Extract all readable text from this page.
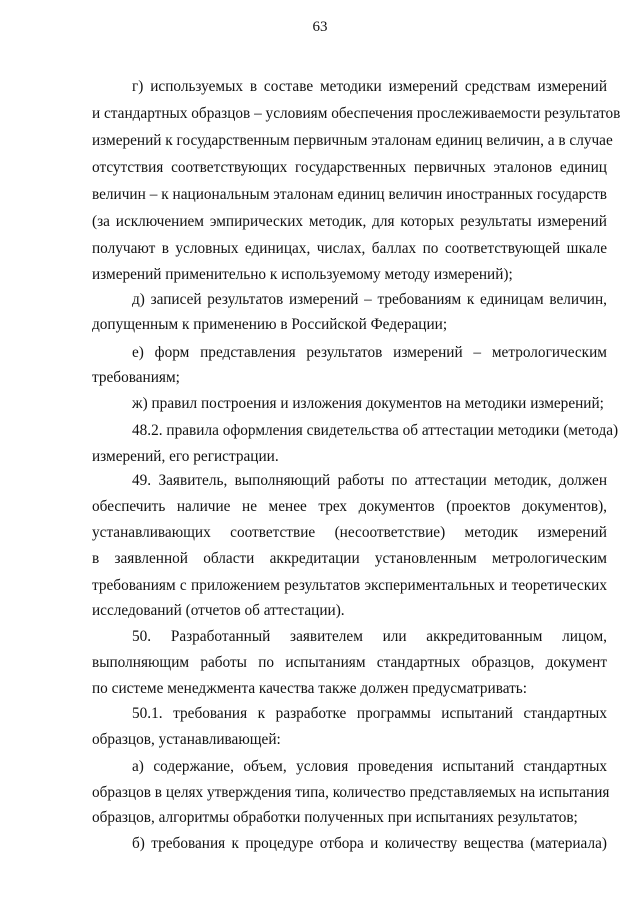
63
г) используемых в составе методики измерений средствам измерений
и стандартных образцов – условиям обеспечения прослеживаемости результатов
измерений к государственным первичным эталонам единиц величин, а в случае
отсутствия соответствующих государственных первичных эталонов единиц
величин – к национальным эталонам единиц величин иностранных государств
(за исключением эмпирических методик, для которых результаты измерений
получают в условных единицах, числах, баллах по соответствующей шкале
измерений применительно к используемому методу измерений);
д) записей результатов измерений – требованиям к единицам величин,
допущенным к применению в Российской Федерации;
е) форм представления результатов измерений – метрологическим
требованиям;
ж) правил построения и изложения документов на методики измерений;
48.2. правила оформления свидетельства об аттестации методики (метода)
измерений, его регистрации.
49. Заявитель, выполняющий работы по аттестации методик, должен
обеспечить наличие не менее трех документов (проектов документов),
устанавливающих соответствие (несоответствие) методик измерений
в заявленной области аккредитации установленным метрологическим
требованиям с приложением результатов экспериментальных и теоретических
исследований (отчетов об аттестации).
50. Разработанный заявителем или аккредитованным лицом,
выполняющим работы по испытаниям стандартных образцов, документ
по системе менеджмента качества также должен предусматривать:
50.1. требования к разработке программы испытаний стандартных
образцов, устанавливающей:
а) содержание, объем, условия проведения испытаний стандартных
образцов в целях утверждения типа, количество представляемых на испытания
образцов, алгоритмы обработки полученных при испытаниях результатов;
б) требования к процедуре отбора и количеству вещества (материала)
